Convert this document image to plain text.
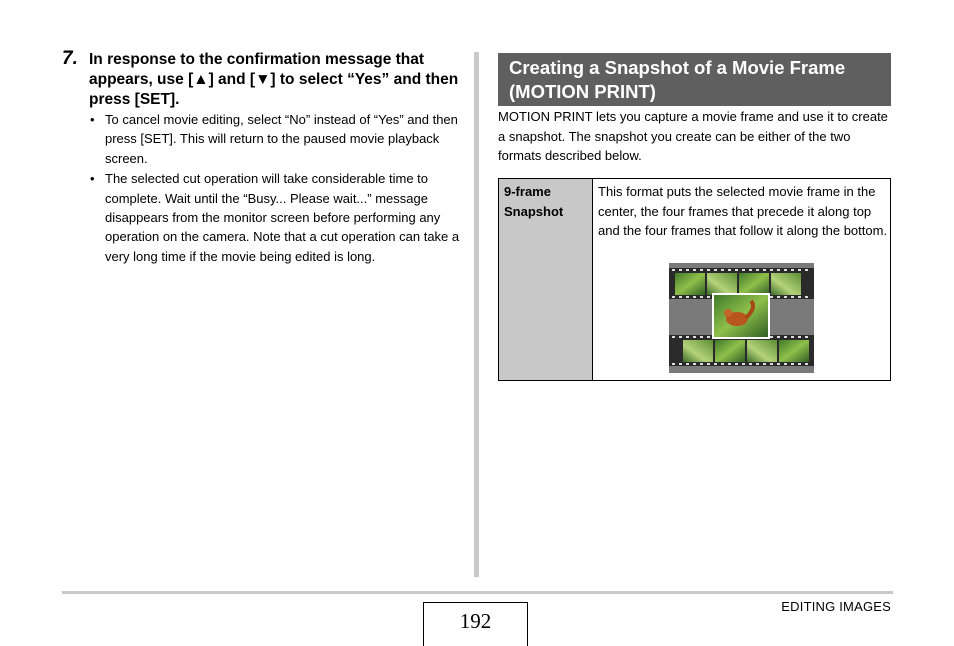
7. In response to the confirmation message that appears, use [▲] and [▼] to select “Yes” and then press [SET].
• To cancel movie editing, select “No” instead of “Yes” and then press [SET]. This will return to the paused movie playback screen.
• The selected cut operation will take considerable time to complete. Wait until the “Busy... Please wait...” message disappears from the monitor screen before performing any operation on the camera. Note that a cut operation can take a very long time if the movie being edited is long.
Creating a Snapshot of a Movie Frame (MOTION PRINT)
MOTION PRINT lets you capture a movie frame and use it to create a snapshot. The snapshot you create can be either of the two formats described below.
9-frame Snapshot
This format puts the selected movie frame in the center, the four frames that precede it along top and the four frames that follow it along the bottom.
192
EDITING IMAGES
